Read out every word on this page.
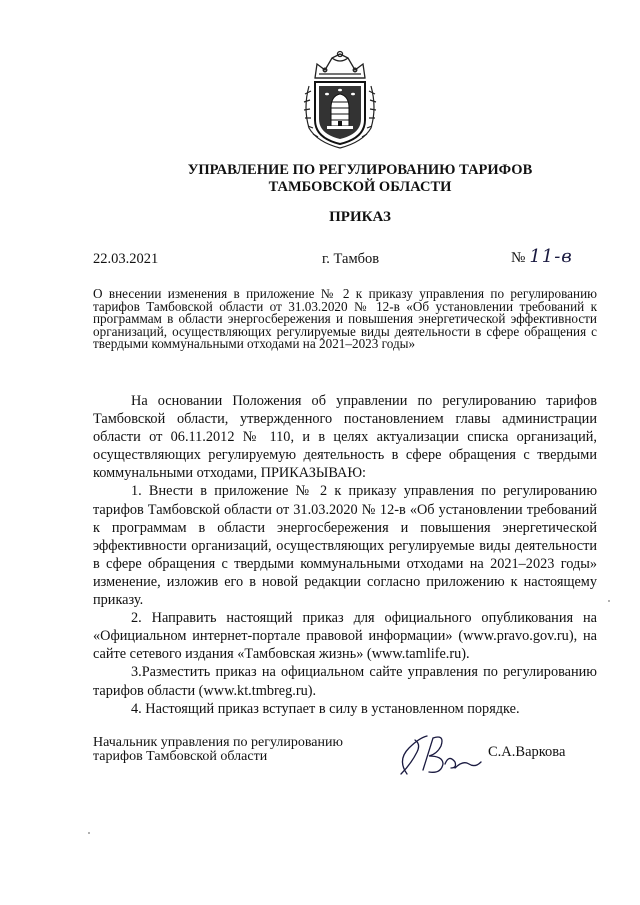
УПРАВЛЕНИЕ ПО РЕГУЛИРОВАНИЮ ТАРИФОВ
ТАМБОВСКОЙ ОБЛАСТИ
ПРИКАЗ
22.03.2021	г. Тамбов	№ 11-в
О внесении изменения в приложение № 2 к приказу управления по регулированию тарифов Тамбовской области от 31.03.2020 № 12-в «Об установлении требований к программам в области энергосбережения и повышения энергетической эффективности организаций, осуществляющих регулируемые виды деятельности в сфере обращения с твердыми коммунальными отходами на 2021–2023 годы»

На основании Положения об управлении по регулированию тарифов Тамбовской области, утвержденного постановлением главы администрации области от 06.11.2012 № 110, и в целях актуализации списка организаций, осуществляющих регулируемую деятельность в сфере обращения с твердыми коммунальными отходами, ПРИКАЗЫВАЮ:

1. Внести в приложение № 2 к приказу управления по регулированию тарифов Тамбовской области от 31.03.2020 № 12-в «Об установлении требований к программам в области энергосбережения и повышения энергетической эффективности организаций, осуществляющих регулируемые виды деятельности в сфере обращения с твердыми коммунальными отходами на 2021–2023 годы» изменение, изложив его в новой редакции согласно приложению к настоящему приказу.

2. Направить настоящий приказ для официального опубликования на «Официальном интернет-портале правовой информации» (www.pravo.gov.ru), на сайте сетевого издания «Тамбовская жизнь» (www.tamlife.ru).

3.Разместить приказ на официальном сайте управления по регулированию тарифов области (www.kt.tmbreg.ru).

4. Настоящий приказ вступает в силу в установленном порядке.

Начальник управления по регулированию
тарифов Тамбовской области	С.А.Варкова
